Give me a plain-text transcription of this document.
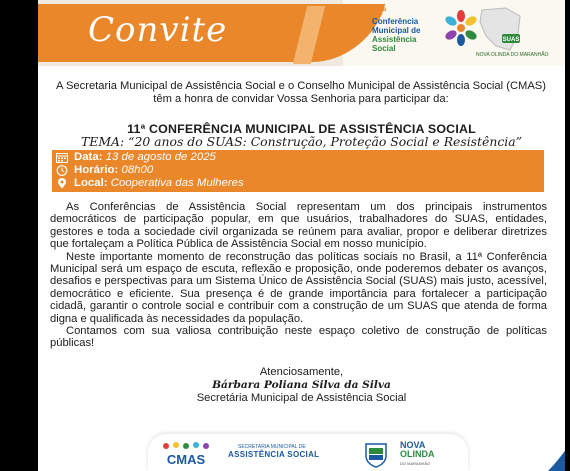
Convite	11ª
Conferência
Municipal de
Assistência
Social
SUAS
NOVA OLINDA DO MARANHÃO
A Secretaria Municipal de Assistência Social e o Conselho Municipal de Assistência Social (CMAS) têm a honra de convidar Vossa Senhoria para participar da:
11ª CONFERÊNCIA MUNICIPAL DE ASSISTÊNCIA SOCIAL
TEMA: “20 anos do SUAS: Construção, Proteção Social e Resistência”
Data: 13 de agosto de 2025
Horário: 08h00
Local: Cooperativa das Mulheres

As Conferências de Assistência Social representam um dos principais instrumentos democráticos de participação popular, em que usuários, trabalhadores do SUAS, entidades, gestores e toda a sociedade civil organizada se reúnem para avaliar, propor e deliberar diretrizes que fortaleçam a Política Pública de Assistência Social em nosso município.

Neste importante momento de reconstrução das políticas sociais no Brasil, a 11ª Conferência Municipal será um espaço de escuta, reflexão e proposição, onde poderemos debater os avanços, desafios e perspectivas para um Sistema Único de Assistência Social (SUAS) mais justo, acessível, democrático e eficiente. Sua presença é de grande importância para fortalecer a participação cidadã, garantir o controle social e contribuir com a construção de um SUAS que atenda de forma digna e qualificada às necessidades da população.

Contamos com sua valiosa contribuição neste espaço coletivo de construção de políticas públicas!

Atenciosamente,
Bárbara Poliana Silva da Silva
Secretária Municipal de Assistência Social
CMAS
SECRETARIA MUNICIPAL DE
ASSISTÊNCIA SOCIAL
NOVA
OLINDA
DO MARANHÃO
